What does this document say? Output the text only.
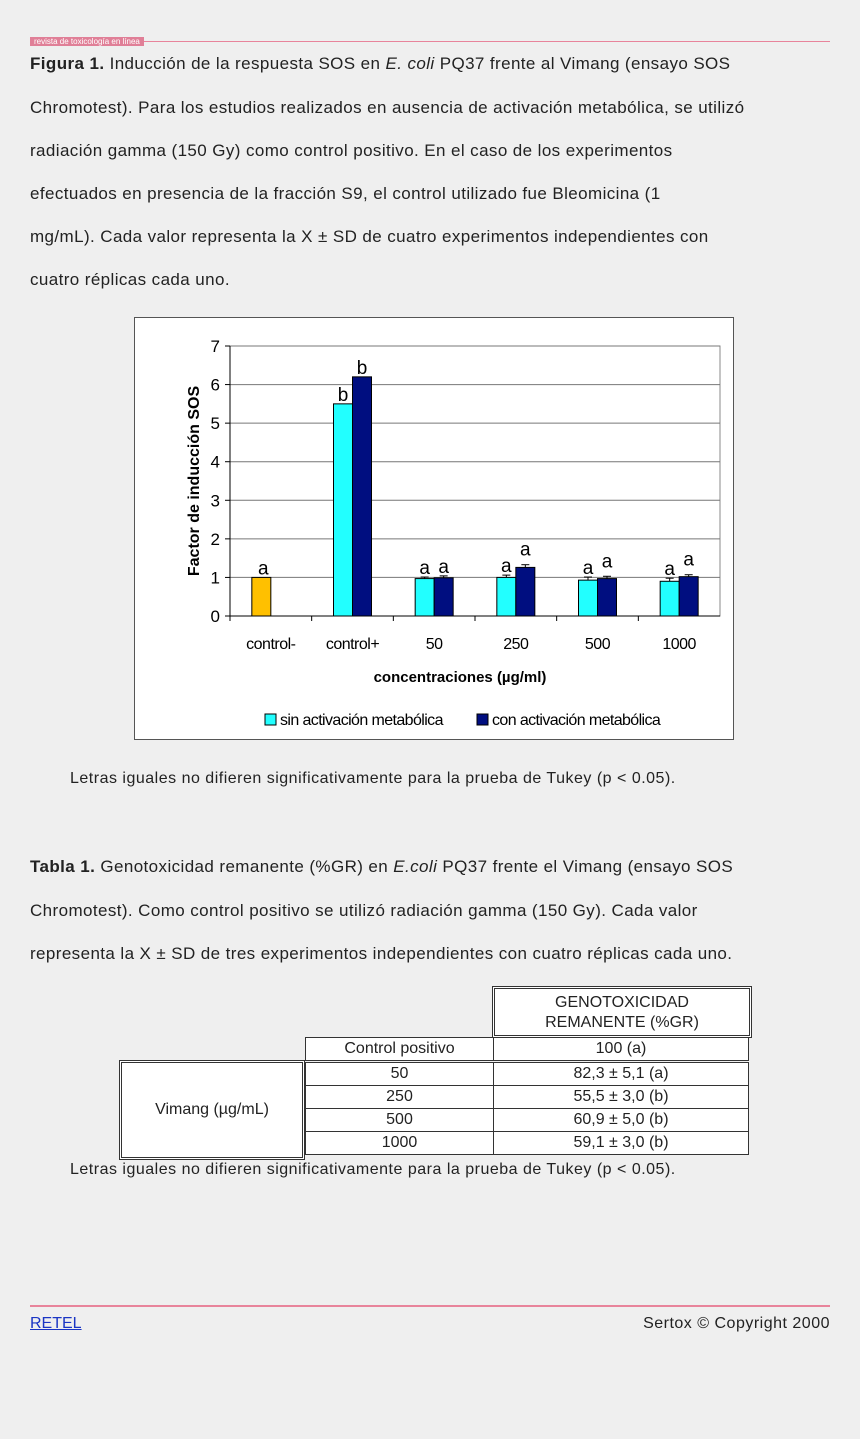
revista de toxicología en línea
Figura 1. Inducción de la respuesta SOS en E. coli PQ37 frente al Vimang (ensayo SOS
Chromotest). Para los estudios realizados en ausencia de activación metabólica, se utilizó
radiación gamma (150 Gy) como control positivo. En el caso de los experimentos
efectuados en presencia de la fracción S9, el control utilizado fue Bleomicina (1
mg/mL). Cada valor representa la X ± SD de cuatro experimentos independientes con
cuatro réplicas cada uno.
0
1
2
3
4
5
6
7
control-
a
control+
b
b
50
a a
250
a
a
500
a a
1000
a a
Factor de inducción SOS
concentraciones (µg/ml)
sin activación metabólica	con activación metabólica
Letras iguales no difieren significativamente para la prueba de Tukey (p < 0.05).
Tabla 1. Genotoxicidad remanente (%GR) en E.coli PQ37 frente el Vimang (ensayo SOS
Chromotest). Como control positivo se utilizó radiación gamma (150 Gy). Cada valor
representa la X ± SD de tres experimentos independientes con cuatro réplicas cada uno.
GENOTOXICIDAD
REMANENTE (%GR)
Control positivo	100 (a)
Vimang (µg/mL)
50	82,3 ± 5,1 (a)
250	55,5 ± 3,0 (b)
500	60,9 ± 5,0 (b)
1000	59,1 ± 3,0 (b)
Letras iguales no difieren significativamente para la prueba de Tukey (p < 0.05).
RETEL	Sertox © Copyright 2000
